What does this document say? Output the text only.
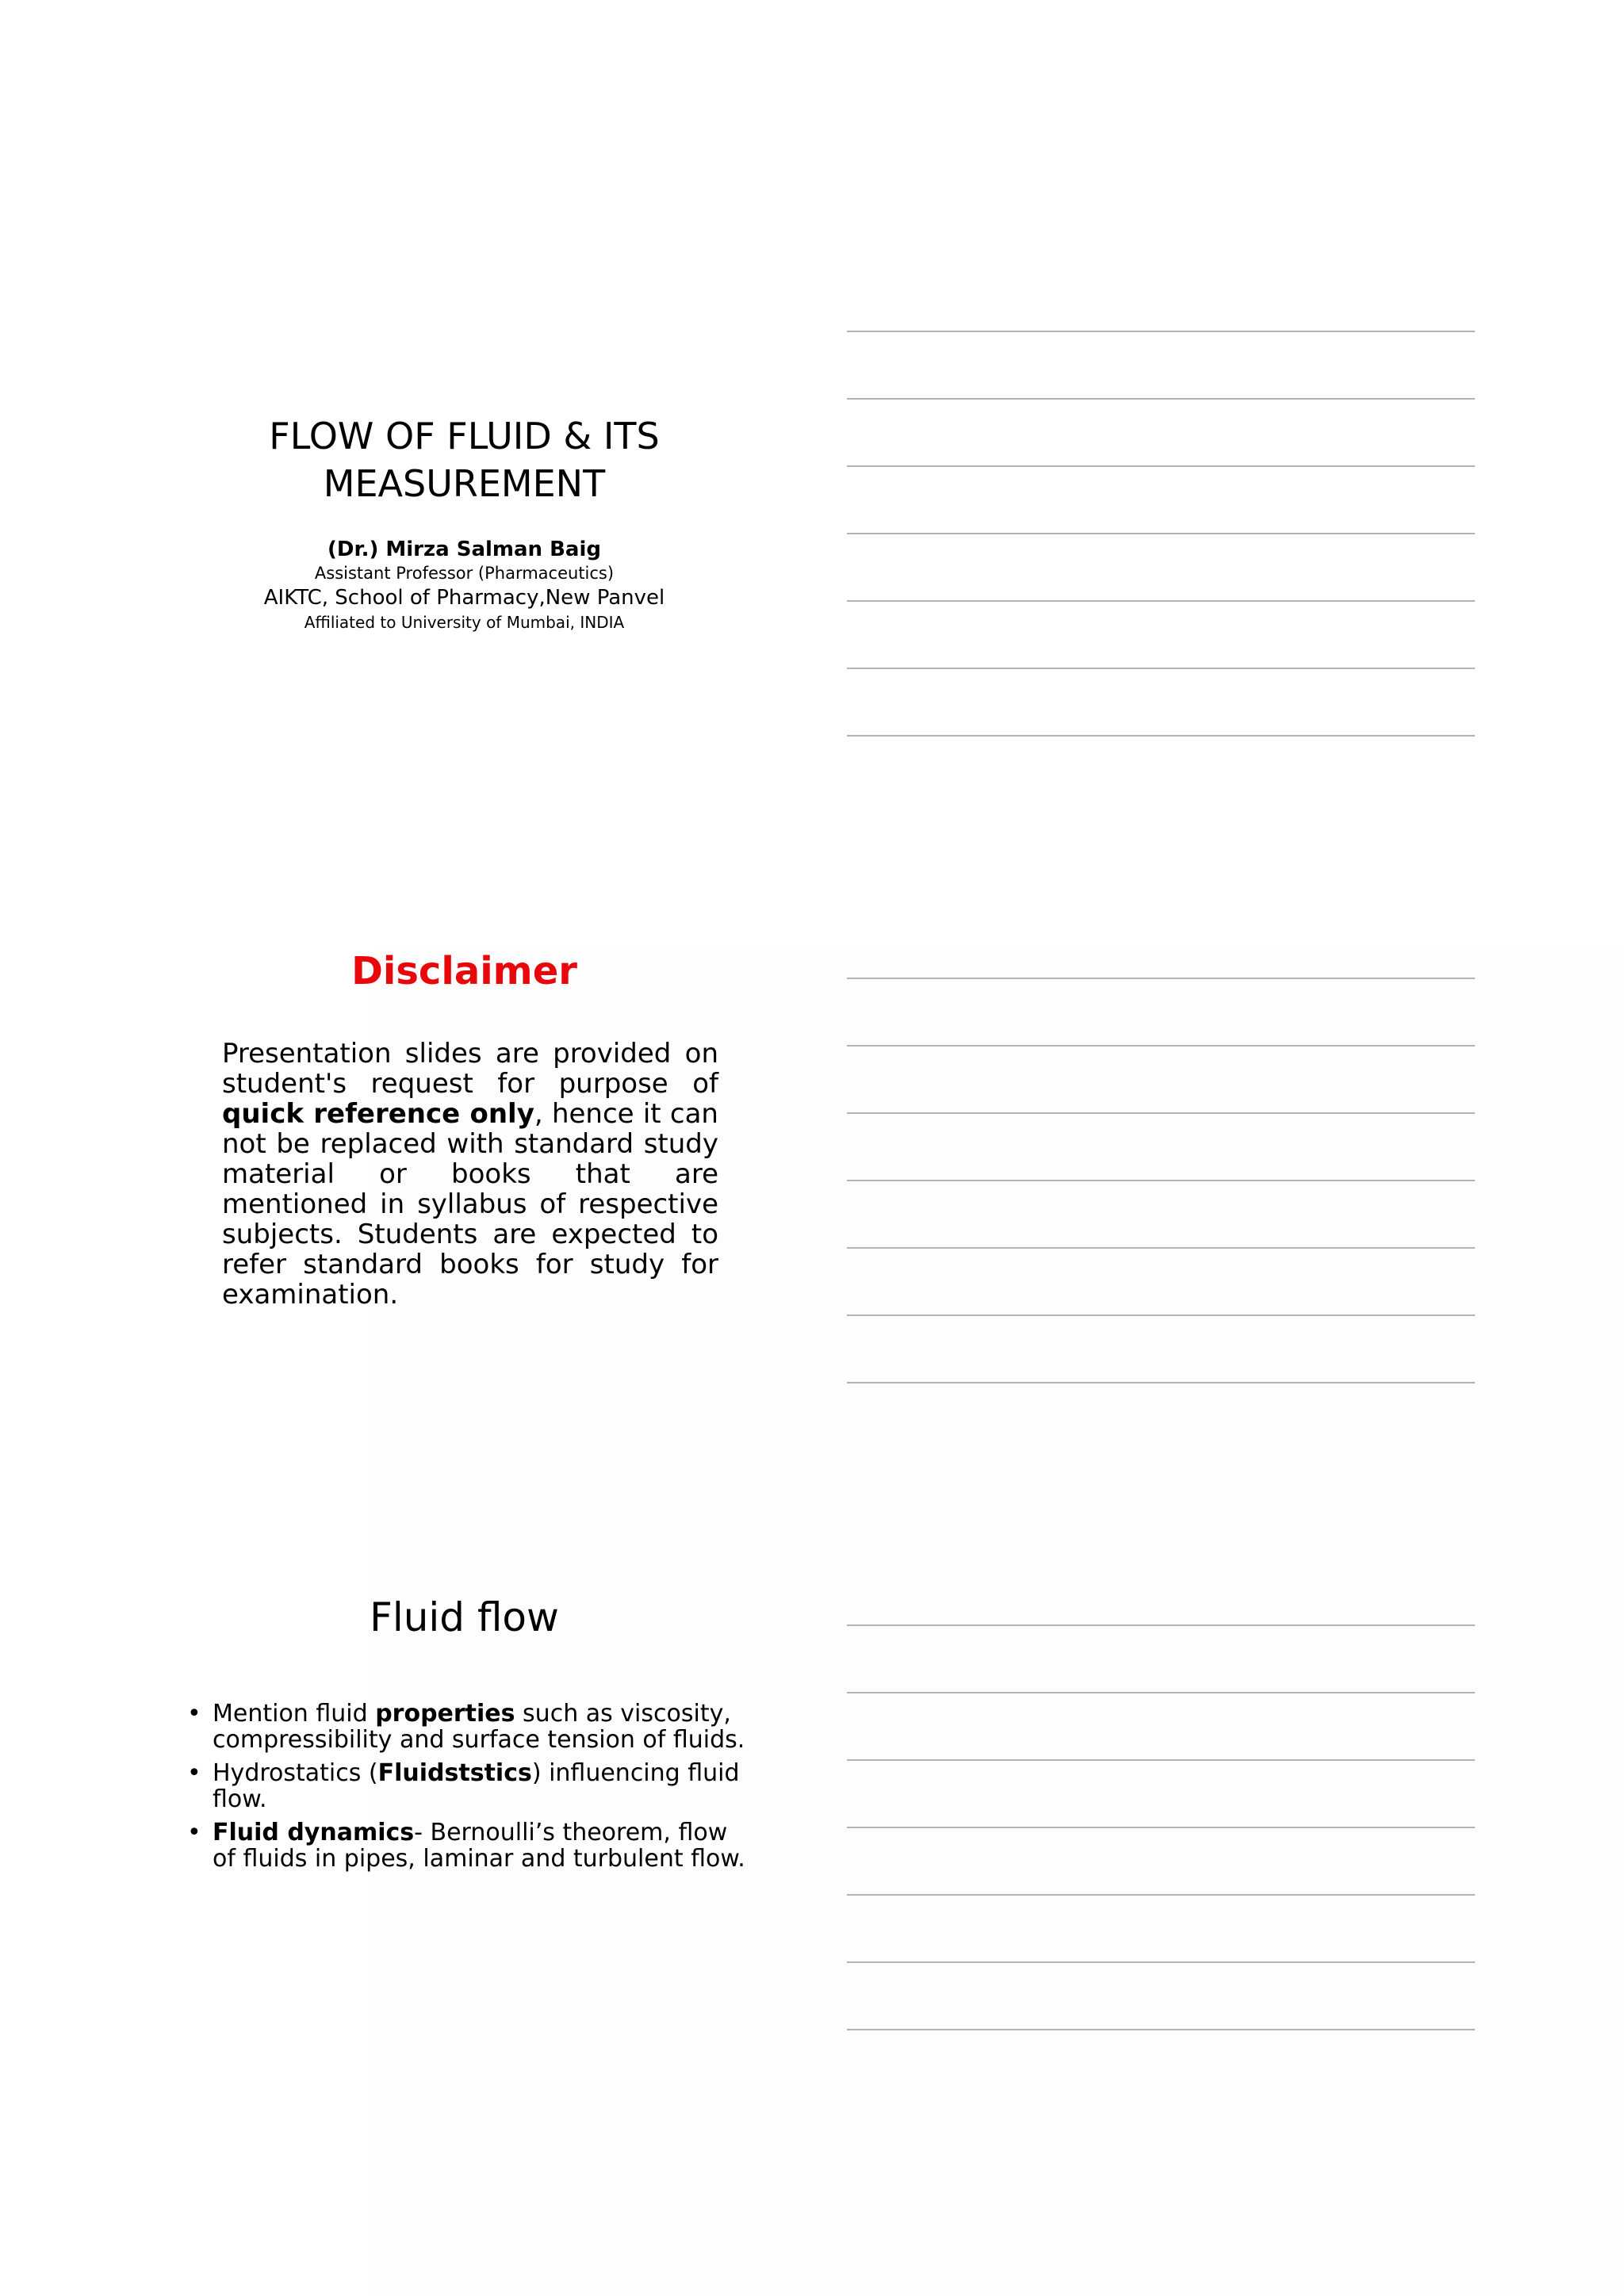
FLOW OF FLUID & ITS
MEASUREMENT
(Dr.) Mirza Salman Baig
Assistant Professor (Pharmaceutics)
AIKTC, School of Pharmacy,New Panvel
Affiliated to University of Mumbai, INDIA
Disclaimer
Presentation slides are provided on student's request for purpose of quick reference only, hence it can not be replaced with standard study material or books that are mentioned in syllabus of respective subjects. Students are expected to refer standard books for study for examination.
Fluid flow
• Mention fluid properties such as viscosity, compressibility and surface tension of fluids.
• Hydrostatics (Fluidststics) influencing fluid flow.
• Fluid dynamics- Bernoulli’s theorem, flow of fluids in pipes, laminar and turbulent flow.
